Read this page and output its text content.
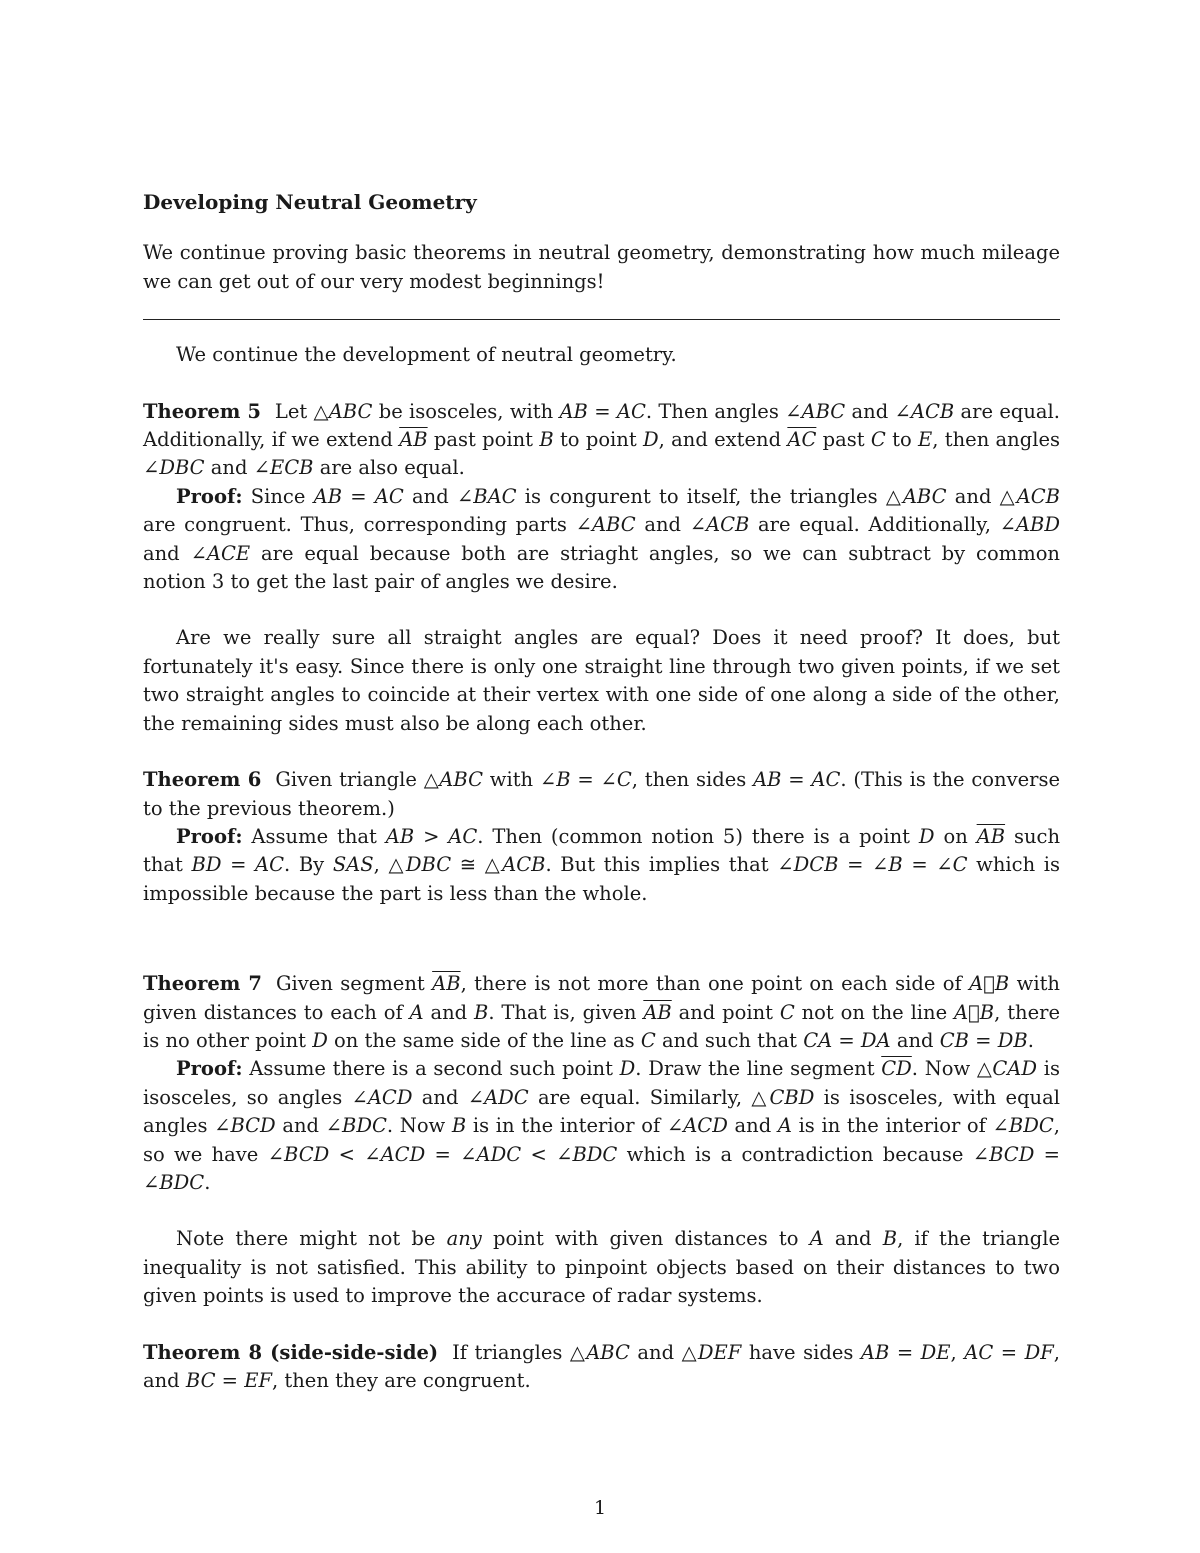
Developing Neutral Geometry

We continue proving basic theorems in neutral geometry, demonstrating how much mileage we can get out of our very modest beginnings!

We continue the development of neutral geometry.

Theorem 5 Let △ABC be isosceles, with AB = AC. Then angles ∠ABC and ∠ACB are equal. Additionally, if we extend $\overline{AB}$ past point B to point D, and extend $\overline{AC}$ past C to E, then angles ∠DBC and ∠ECB are also equal.

Proof: Since AB = AC and ∠BAC is congurent to itself, the triangles △ABC and △ACB are congruent. Thus, corresponding parts ∠ABC and ∠ACB are equal. Additionally, ∠ABD and ∠ACE are equal because both are striaght angles, so we can subtract by common notion 3 to get the last pair of angles we desire.

Are we really sure all straight angles are equal? Does it need proof? It does, but fortunately it's easy. Since there is only one straight line through two given points, if we set two straight angles to coincide at their vertex with one side of one along a side of the other, the remaining sides must also be along each other.

Theorem 6 Given triangle △ABC with ∠B = ∠C, then sides AB = AC. (This is the converse to the previous theorem.)

Proof: Assume that AB > AC. Then (common notion 5) there is a point D on $\overline{AB}$ such that BD = AC. By SAS, △DBC ≅ △ACB. But this implies that ∠DCB = ∠B = ∠C which is impossible because the part is less than the whole.

Theorem 7 Given segment $\overline{AB}$, there is not more than one point on each side of A⃡B with given distances to each of A and B. That is, given $\overline{AB}$ and point C not on the line A⃡B, there is no other point D on the same side of the line as C and such that CA = DA and CB = DB.

Proof: Assume there is a second such point D. Draw the line segment $\overline{CD}$. Now △CAD is isosceles, so angles ∠ACD and ∠ADC are equal. Similarly, △CBD is isosceles, with equal angles ∠BCD and ∠BDC. Now B is in the interior of ∠ACD and A is in the interior of ∠BDC, so we have ∠BCD < ∠ACD = ∠ADC < ∠BDC which is a contradiction because ∠BCD = ∠BDC.

Note there might not be any point with given distances to A and B, if the triangle inequality is not satisfied. This ability to pinpoint objects based on their distances to two given points is used to improve the accurace of radar systems.

Theorem 8 (side-side-side) If triangles △ABC and △DEF have sides AB = DE, AC = DF, and BC = EF, then they are congruent.

1
